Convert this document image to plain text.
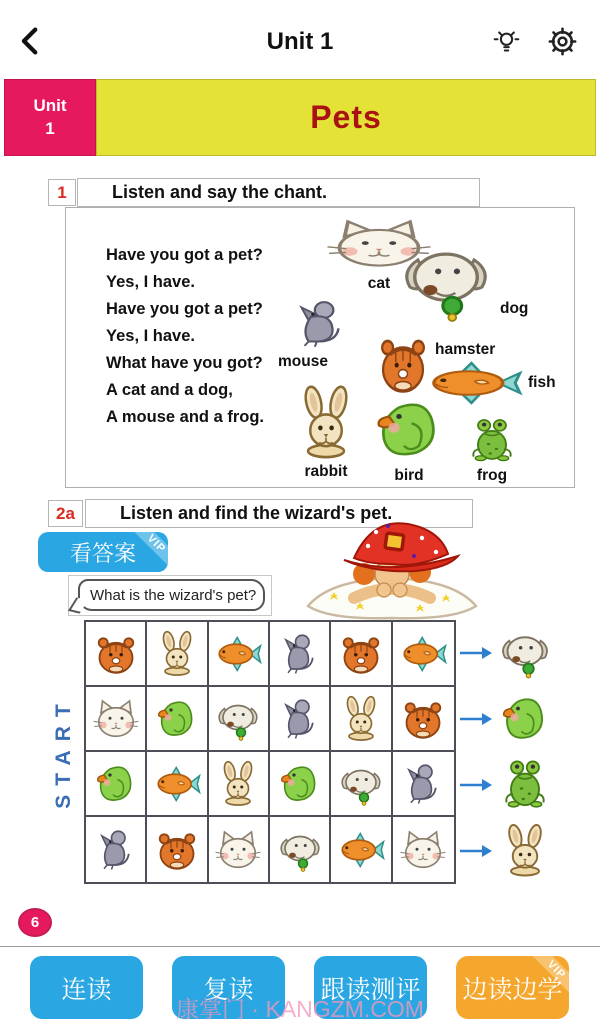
Unit 1
Unit
1	Pets
1	Listen and say the chant.
Have you got a pet?
Yes, I have.
Have you got a pet?
Yes, I have.
What have you got?
A cat and a dog,
A mouse and a frog.
cat
dog
mouse
hamster
fish
rabbit	bird	frog
2a	Listen and find the wizard's pet.
看答案 VIP
What is the wizard's pet?
START
6
连读	复读	跟读测评 边读边学
VIP
康掌门 · KANGZM.COM
